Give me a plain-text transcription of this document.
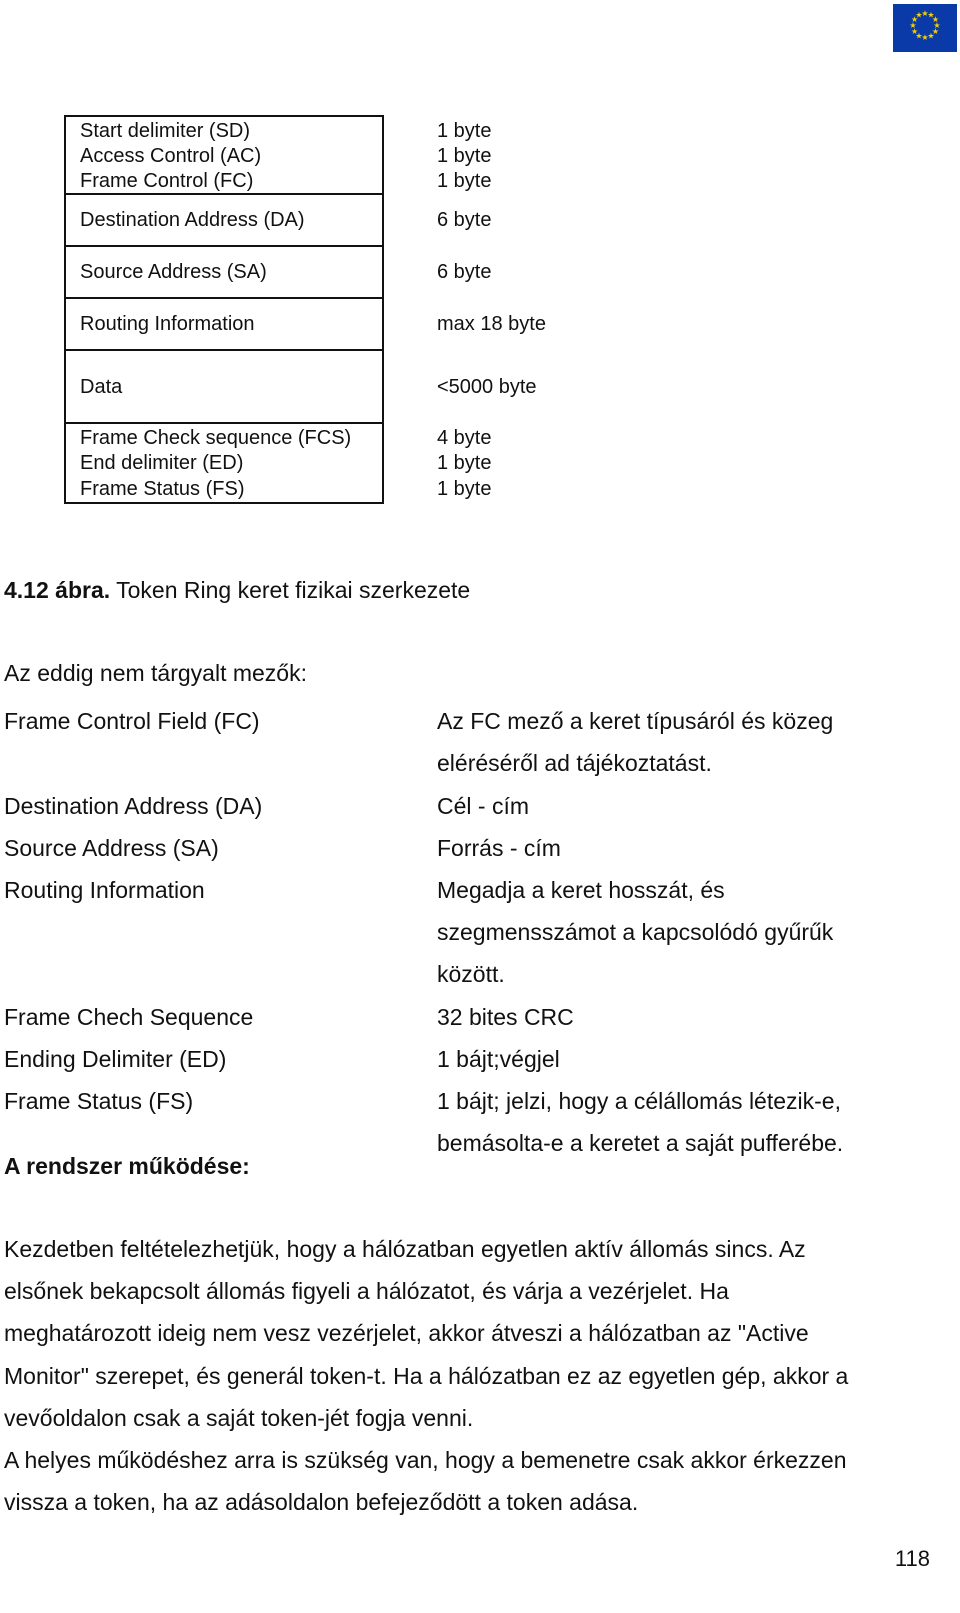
★
★
★
★
★
★
★
★
★
★
★
★
Start delimiter (SD)	1 byte
Access Control (AC)	1 byte
Frame Control (FC)	1 byte
Destination Address (DA)	6 byte
Source Address (SA)	6 byte
Routing Information	max 18 byte
Data	<5000 byte
Frame Check sequence (FCS)	4 byte
End delimiter (ED)	1 byte
Frame Status (FS)	1 byte
4.12 ábra. Token Ring keret fizikai szerkezete
Az eddig nem tárgyalt mezők:
Frame Control Field (FC)	Az FC mező a keret típusáról és közeg
eléréséről ad tájékoztatást.
Destination Address (DA)	Cél - cím
Source Address (SA)	Forrás - cím
Routing Information	Megadja a keret hosszát, és
szegmensszámot a kapcsolódó gyűrűk
között.
Frame Chech Sequence	32 bites CRC
Ending Delimiter (ED)	1 bájt;végjel
Frame Status (FS)	1 bájt; jelzi, hogy a célállomás létezik-e,
bemásolta-e a keretet a saját pufferébe.
A rendszer működése:
Kezdetben feltételezhetjük, hogy a hálózatban egyetlen aktív állomás sincs. Az
elsőnek bekapcsolt állomás figyeli a hálózatot, és várja a vezérjelet. Ha
meghatározott ideig nem vesz vezérjelet, akkor átveszi a hálózatban az "Active
Monitor" szerepet, és generál token-t. Ha a hálózatban ez az egyetlen gép, akkor a
vevőoldalon csak a saját token-jét fogja venni.
A helyes működéshez arra is szükség van, hogy a bemenetre csak akkor érkezzen
vissza a token, ha az adásoldalon befejeződött a token adása.
118
